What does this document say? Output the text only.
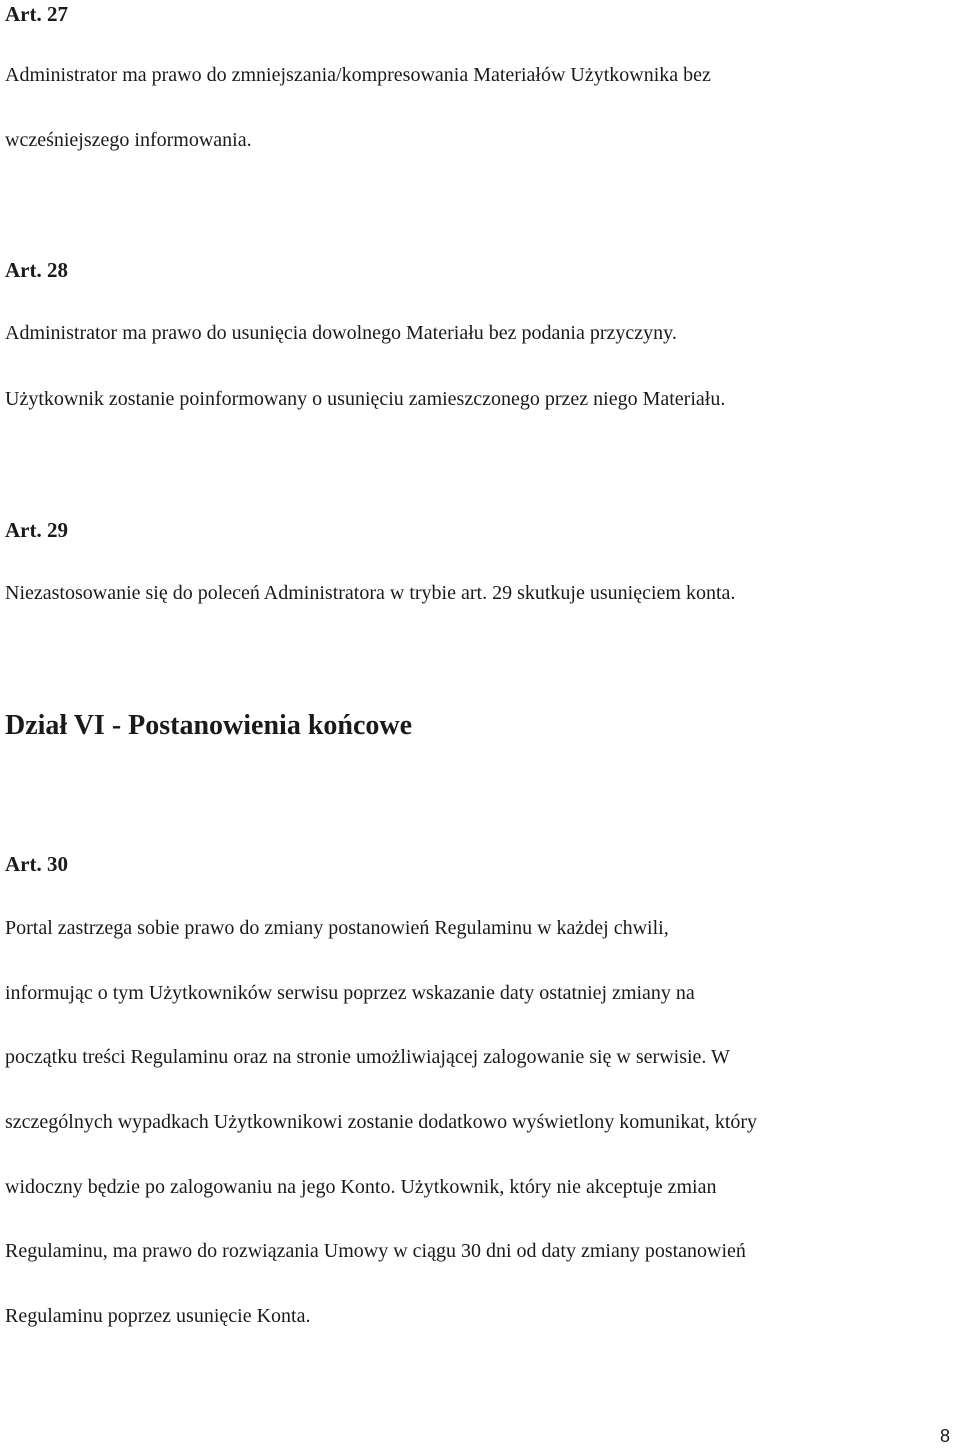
Art. 27
Administrator ma prawo do zmniejszania/kompresowania Materiałów Użytkownika bez
wcześniejszego informowania.
Art. 28
Administrator ma prawo do usunięcia dowolnego Materiału bez podania przyczyny.
Użytkownik zostanie poinformowany o usunięciu zamieszczonego przez niego Materiału.
Art. 29
Niezastosowanie się do poleceń Administratora w trybie art. 29 skutkuje usunięciem konta.
Dział VI - Postanowienia końcowe
Art. 30
Portal zastrzega sobie prawo do zmiany postanowień Regulaminu w każdej chwili,
informując o tym Użytkowników serwisu poprzez wskazanie daty ostatniej zmiany na
początku treści Regulaminu oraz na stronie umożliwiającej zalogowanie się w serwisie. W
szczególnych wypadkach Użytkownikowi zostanie dodatkowo wyświetlony komunikat, który
widoczny będzie po zalogowaniu na jego Konto. Użytkownik, który nie akceptuje zmian
Regulaminu, ma prawo do rozwiązania Umowy w ciągu 30 dni od daty zmiany postanowień
Regulaminu poprzez usunięcie Konta.
8
